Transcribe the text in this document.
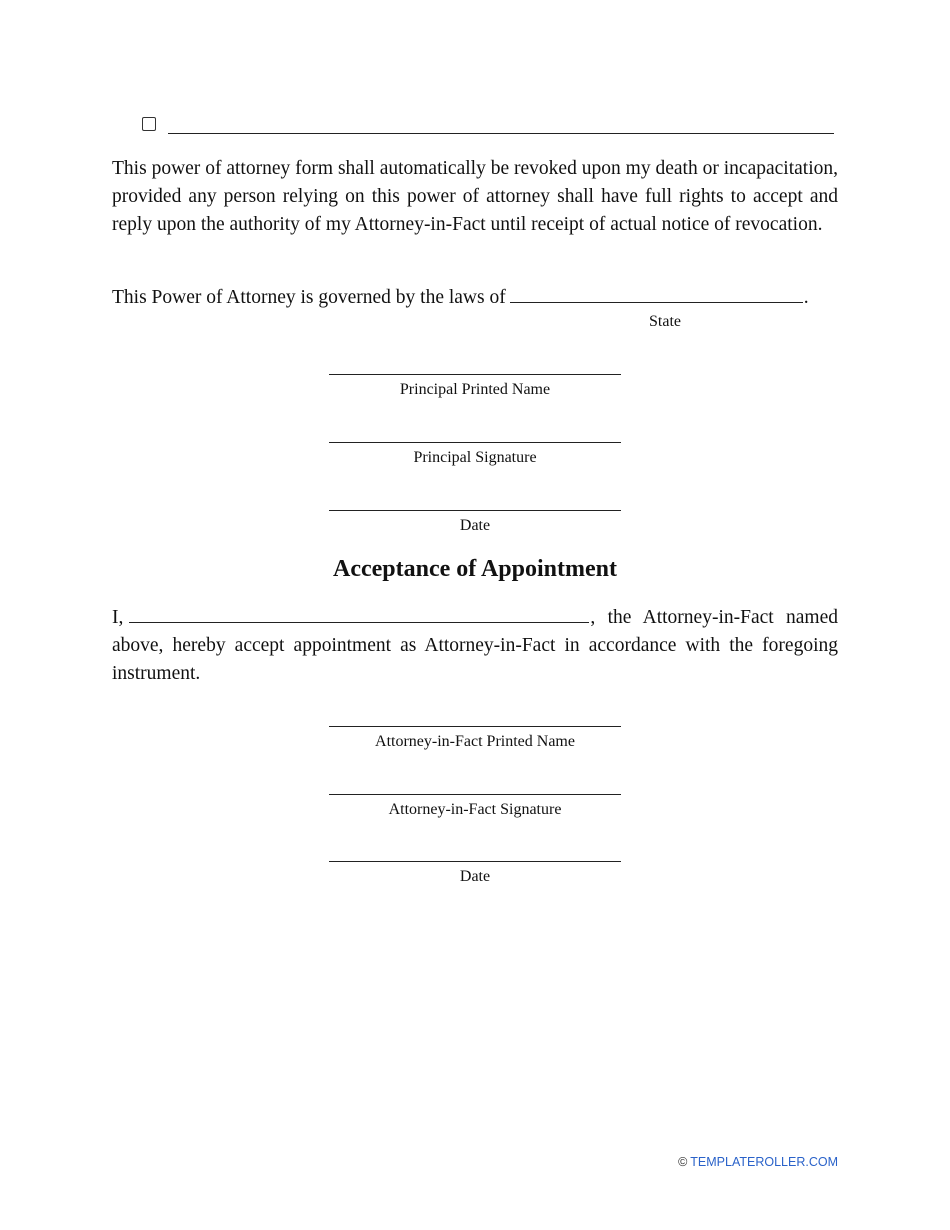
This power of attorney form shall automatically be revoked upon my death or incapacitation, provided any person relying on this power of attorney shall have full rights to accept and reply upon the authority of my Attorney-in-Fact until receipt of actual notice of revocation.

This Power of Attorney is governed by the laws of	.
State
Principal Printed Name
Principal Signature
Date
Acceptance of Appointment

I,	, the Attorney-in-Fact named above, hereby accept appointment as Attorney-in-Fact in accordance with the foregoing instrument.

Attorney-in-Fact Printed Name
Attorney-in-Fact Signature
Date
© TEMPLATEROLLER.COM
